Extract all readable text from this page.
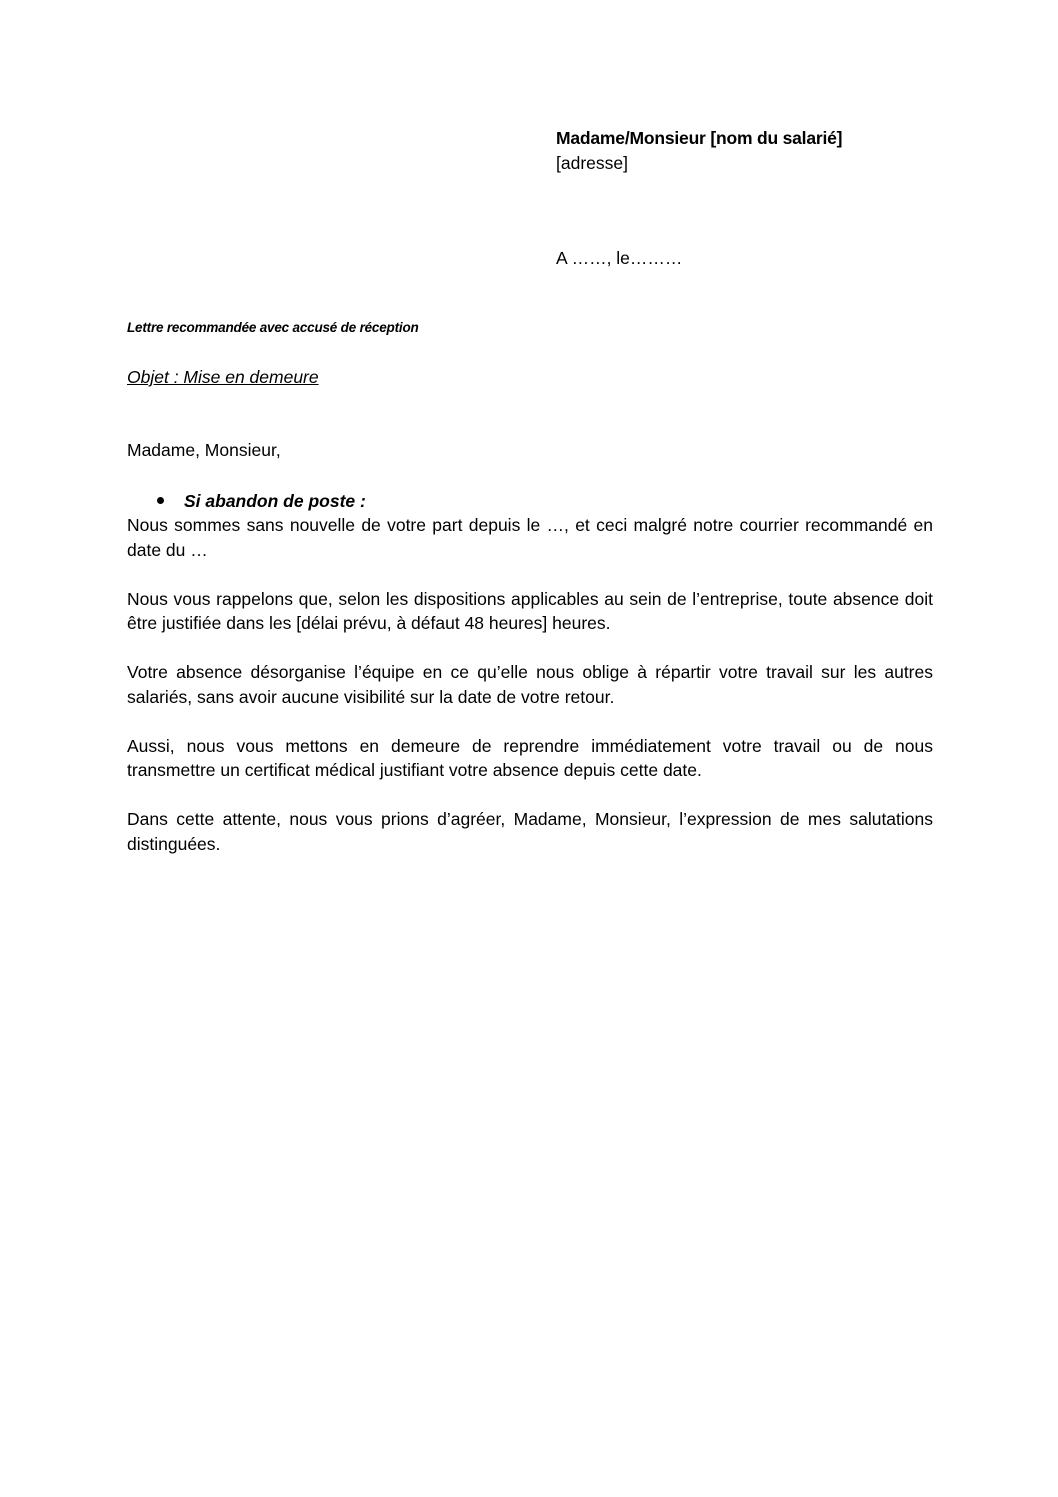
Madame/Monsieur [nom du salarié]
[adresse]
A ……, le………
Lettre recommandée avec accusé de réception
Objet : Mise en demeure
Madame, Monsieur,
Si abandon de poste :

Nous sommes sans nouvelle de votre part depuis le …, et ceci malgré notre courrier recommandé en date du …

Nous vous rappelons que, selon les dispositions applicables au sein de l’entreprise, toute absence doit être justifiée dans les [délai prévu, à défaut 48 heures] heures.

Votre absence désorganise l’équipe en ce qu’elle nous oblige à répartir votre travail sur les autres salariés, sans avoir aucune visibilité sur la date de votre retour.

Aussi, nous vous mettons en demeure de reprendre immédiatement votre travail ou de nous transmettre un certificat médical justifiant votre absence depuis cette date.

Dans cette attente, nous vous prions d’agréer, Madame, Monsieur, l’expression de mes salutations distinguées.
